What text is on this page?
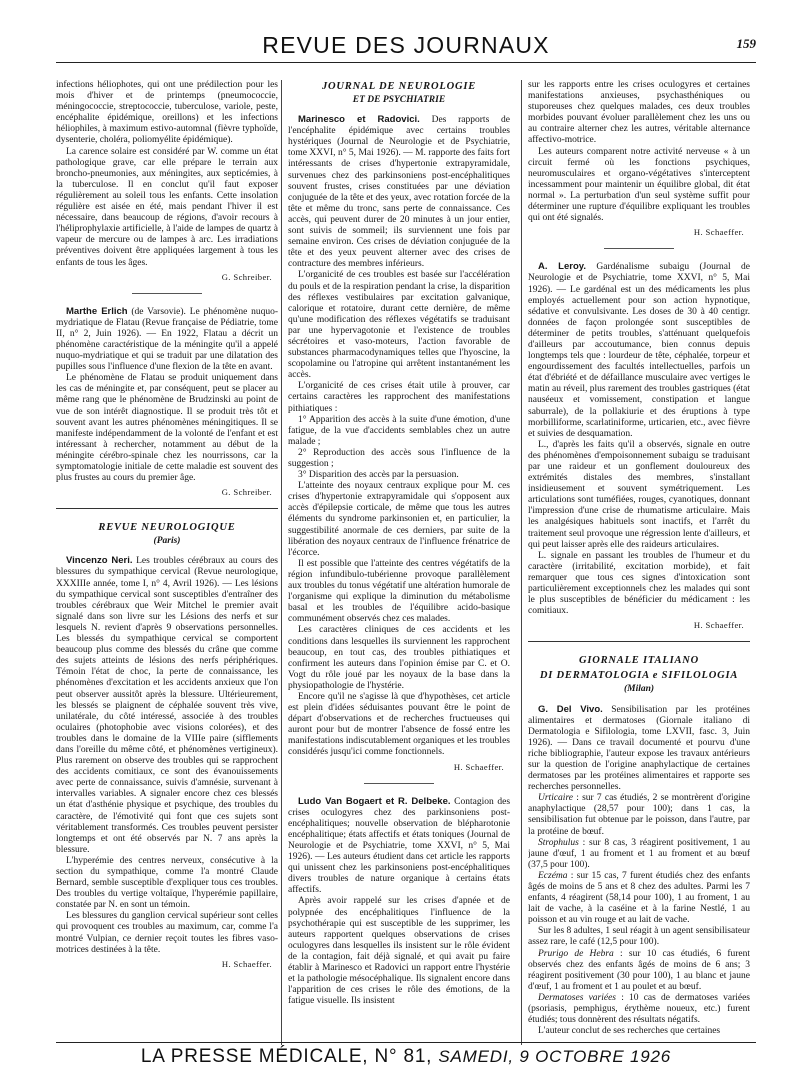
REVUE DES JOURNAUX	159

infections héliophotes, qui ont une prédilection pour les mois d'hiver et de printemps (pneumococcie, méningococcie, streptococcie, tuberculose, variole, peste, encéphalite épidémique, oreillons) et les infections héliophiles, à maximum estivo-automnal (fièvre typhoïde, dysenterie, choléra, poliomyélite épidémique).

La carence solaire est considéré par W. comme un état pathologique grave, car elle prépare le terrain aux broncho-pneumonies, aux méningites, aux septicémies, à la tuberculose. Il en conclut qu'il faut exposer régulièrement au soleil tous les enfants. Cette insolation régulière est aisée en été, mais pendant l'hiver il est nécessaire, dans beaucoup de régions, d'avoir recours à l'héliprophylaxie artificielle, à l'aide de lampes de quartz à vapeur de mercure ou de lampes à arc. Les irradiations préventives doivent être appliquées largement à tous les enfants de tous les âges.

G. Schreiber.

Marthe Erlich (de Varsovie). Le phénomène nuquo-mydriatique de Flatau (Revue française de Pédiatrie, tome II, n° 2, Juin 1926). — En 1922, Flatau a décrit un phénomène caractéristique de la méningite qu'il a appelé nuquo-mydriatique et qui se traduit par une dilatation des pupilles sous l'influence d'une flexion de la tête en avant.

Le phénomène de Flatau se produit uniquement dans les cas de méningite et, par conséquent, peut se placer au même rang que le phénomène de Brudzinski au point de vue de son intérêt diagnostique. Il se produit très tôt et souvent avant les autres phénomènes méningitiques. Il se manifeste indépendamment de la volonté de l'enfant et est intéressant à rechercher, notamment au début de la méningite cérébro-spinale chez les nourrissons, car la symptomatologie initiale de cette maladie est souvent des plus frustes au cours du premier âge.

G. Schreiber.
REVUE NEUROLOGIQUE
(Paris)

Vincenzo Neri. Les troubles cérébraux au cours des blessures du sympathique cervical (Revue neurologique, XXXIIIe année, tome I, n° 4, Avril 1926). — Les lésions du sympathique cervical sont susceptibles d'entraîner des troubles cérébraux que Weir Mitchel le premier avait signalé dans son livre sur les Lésions des nerfs et sur lesquels N. revient d'après 9 observations personnelles. Les blessés du sympathique cervical se comportent beaucoup plus comme des blessés du crâne que comme des sujets atteints de lésions des nerfs périphériques. Témoin l'état de choc, la perte de connaissance, les phénomènes d'excitation et les accidents anxieux que l'on peut observer aussitôt après la blessure. Ultérieurement, les blessés se plaignent de céphalée souvent très vive, unilatérale, du côté intéressé, associée à des troubles oculaires (photophobie avec visions colorées), et des troubles dans le domaine de la VIIIe paire (sifflements dans l'oreille du même côté, et phénomènes vertigineux). Plus rarement on observe des troubles qui se rapprochent des accidents comitiaux, ce sont des évanouissements avec perte de connaissance, suivis d'amnésie, survenant à intervalles variables. A signaler encore chez ces blessés un état d'asthénie physique et psychique, des troubles du caractère, de l'émotivité qui font que ces sujets sont véritablement transformés. Ces troubles peuvent persister longtemps et ont été observés par N. 7 ans après la blessure.

L'hyperémie des centres nerveux, consécutive à la section du sympathique, comme l'a montré Claude Bernard, semble susceptible d'expliquer tous ces troubles. Des troubles du vertige voltaïque, l'hyperémie papillaire, constatée par N. en sont un témoin.

Les blessures du ganglion cervical supérieur sont celles qui provoquent ces troubles au maximum, car, comme l'a montré Vulpian, ce dernier reçoit toutes les fibres vaso-motrices destinées à la tête.

H. Schaeffer.
JOURNAL DE NEUROLOGIE
ET DE PSYCHIATRIE

Marinesco et Radovici. Des rapports de l'encéphalite épidémique avec certains troubles hystériques (Journal de Neurologie et de Psychiatrie, tome XXVI, n° 5, Mai 1926). — M. rapporte des faits fort intéressants de crises d'hypertonie extrapyramidale, survenues chez des parkinsoniens post-encéphalitiques souvent frustes, crises constituées par une déviation conjuguée de la tête et des yeux, avec rotation forcée de la tête et même du tronc, sans perte de connaissance. Ces accès, qui peuvent durer de 20 minutes à un jour entier, sont suivis de sommeil; ils surviennent une fois par semaine environ. Ces crises de déviation conjuguée de la tête et des yeux peuvent alterner avec des crises de contracture des membres inférieurs.

L'organicité de ces troubles est basée sur l'accélération du pouls et de la respiration pendant la crise, la disparition des réflexes vestibulaires par excitation galvanique, calorique et rotatoire, durant cette dernière, de même qu'une modification des réflexes végétatifs se traduisant par une hypervagotonie et l'existence de troubles sécrétoires et vaso-moteurs, l'action favorable de substances pharmacodynamiques telles que l'hyoscine, la scopolamine ou l'atropine qui arrêtent instantanément les accès.

L'organicité de ces crises était utile à prouver, car certains caractères les rapprochent des manifestations pithiatiques :

1° Apparition des accès à la suite d'une émotion, d'une fatigue, de la vue d'accidents semblables chez un autre malade ;

2° Reproduction des accès sous l'influence de la suggestion ;

3° Disparition des accès par la persuasion.

L'atteinte des noyaux centraux explique pour M. ces crises d'hypertonie extrapyramidale qui s'opposent aux accès d'épilepsie corticale, de même que tous les autres éléments du syndrome parkinsonien et, en particulier, la suggestibilité anormale de ces derniers, par suite de la libération des noyaux centraux de l'influence frénatrice de l'écorce.

Il est possible que l'atteinte des centres végétatifs de la région infundibulo-tubérienne provoque parallèlement aux troubles du tonus végétatif une altération humorale de l'organisme qui explique la diminution du métabolisme basal et les troubles de l'équilibre acido-basique communément observés chez ces malades.

Les caractères cliniques de ces accidents et les conditions dans lesquelles ils surviennent les rapprochent beaucoup, en tout cas, des troubles pithiatiques et confirment les auteurs dans l'opinion émise par C. et O. Vogt du rôle joué par les noyaux de la base dans la physiopathologie de l'hystérie.

Encore qu'il ne s'agisse là que d'hypothèses, cet article est plein d'idées séduisantes pouvant être le point de départ d'observations et de recherches fructueuses qui auront pour but de montrer l'absence de fossé entre les manifestations indiscutablement organiques et les troubles considérés jusqu'ici comme fonctionnels.

H. Schaeffer.

Ludo Van Bogaert et R. Delbeke. Contagion des crises oculogyres chez des parkinsoniens post-encéphalitiques; nouvelle observation de blépharotonie encéphalitique; états affectifs et états toniques (Journal de Neurologie et de Psychiatrie, tome XXVI, n° 5, Mai 1926). — Les auteurs étudient dans cet article les rapports qui unissent chez les parkinsoniens post-encéphalitiques divers troubles de nature organique à certains états affectifs.

Après avoir rappelé sur les crises d'apnée et de polypnée des encéphalitiques l'influence de la psychothérapie qui est susceptible de les supprimer, les auteurs rapportent quelques observations de crises oculogyres dans lesquelles ils insistent sur le rôle évident de la contagion, fait déjà signalé, et qui avait pu faire établir à Marinesco et Radovici un rapport entre l'hystérie et la pathologie mésocéphalique. Ils signalent encore dans l'apparition de ces crises le rôle des émotions, de la fatigue visuelle. Ils insistent

sur les rapports entre les crises oculogyres et certaines manifestations anxieuses, psychasthéniques ou stuporeuses chez quelques malades, ces deux troubles morbides pouvant évoluer parallèlement chez les uns ou au contraire alterner chez les autres, véritable alternance affectivo-motrice.

Les auteurs comparent notre activité nerveuse « à un circuit fermé où les fonctions psychiques, neuromusculaires et organo-végétatives s'interceptent incessamment pour maintenir un équilibre global, dit état normal ». La perturbation d'un seul système suffit pour déterminer une rupture d'équilibre expliquant les troubles qui ont été signalés.

H. Schaeffer.

A. Leroy. Gardénalisme subaigu (Journal de Neurologie et de Psychiatrie, tome XXVI, n° 5, Mai 1926). — Le gardénal est un des médicaments les plus employés actuellement pour son action hypnotique, sédative et convulsivante. Les doses de 30 à 40 centigr. données de façon prolongée sont susceptibles de déterminer de petits troubles, s'atténuant quelquefois d'ailleurs par accoutumance, bien connus depuis longtemps tels que : lourdeur de tête, céphalée, torpeur et engourdissement des facultés intellectuelles, parfois un état d'ébriété et de défaillance musculaire avec vertiges le matin au réveil, plus rarement des troubles gastriques (état nauséeux et vomissement, constipation et langue saburrale), de la pollakiurie et des éruptions à type morbilliforme, scarlatiniforme, urticarien, etc., avec fièvre et suivies de desquamation.

L., d'après les faits qu'il a observés, signale en outre des phénomènes d'empoisonnement subaigu se traduisant par une raideur et un gonflement douloureux des extrémités distales des membres, s'installant insidieusement et souvent symétriquement. Les articulations sont tuméfiées, rouges, cyanotiques, donnant l'impression d'une crise de rhumatisme articulaire. Mais les analgésiques habituels sont inactifs, et l'arrêt du traitement seul provoque une régression lente d'ailleurs, et qui peut laisser après elle des raideurs articulaires.

L. signale en passant les troubles de l'humeur et du caractère (irritabilité, excitation morbide), et fait remarquer que tous ces signes d'intoxication sont particulièrement exceptionnels chez les malades qui sont le plus susceptibles de bénéficier du médicament : les comitiaux.

H. Schaeffer.
GIORNALE ITALIANO
DI DERMATOLOGIA e SIFILOLOGIA
(Milan)

G. Del Vivo. Sensibilisation par les protéines alimentaires et dermatoses (Giornale italiano di Dermatologia e Sifilologia, tome LXVII, fasc. 3, Juin 1926). — Dans ce travail documenté et pourvu d'une riche bibliographie, l'auteur expose les travaux antérieurs sur la question de l'origine anaphylactique de certaines dermatoses par les protéines alimentaires et rapporte ses recherches personnelles.

Urticaire : sur 7 cas étudiés, 2 se montrèrent d'origine anaphylactique (28,57 pour 100); dans 1 cas, la sensibilisation fut obtenue par le poisson, dans l'autre, par la protéine de bœuf.

Strophulus : sur 8 cas, 3 réagirent positivement, 1 au jaune d'œuf, 1 au froment et 1 au froment et au bœuf (37,5 pour 100).

Eczéma : sur 15 cas, 7 furent étudiés chez des enfants âgés de moins de 5 ans et 8 chez des adultes. Parmi les 7 enfants, 4 réagirent (58,14 pour 100), 1 au froment, 1 au lait de vache, à la caséine et à la farine Nestlé, 1 au poisson et au vin rouge et au lait de vache.

Sur les 8 adultes, 1 seul réagit à un agent sensibilisateur assez rare, le café (12,5 pour 100).

Prurigo de Hebra : sur 10 cas étudiés, 6 furent observés chez des enfants âgés de moins de 6 ans; 3 réagirent positivement (30 pour 100), 1 au blanc et jaune d'œuf, 1 au froment et 1 au poulet et au bœuf.

Dermatoses variées : 10 cas de dermatoses variées (psoriasis, pemphigus, érythème noueux, etc.) furent étudiés; tous donnèrent des résultats négatifs.

L'auteur conclut de ses recherches que certaines

LA PRESSE MÉDICALE, N° 81, SAMEDI, 9 OCTOBRE 1926
